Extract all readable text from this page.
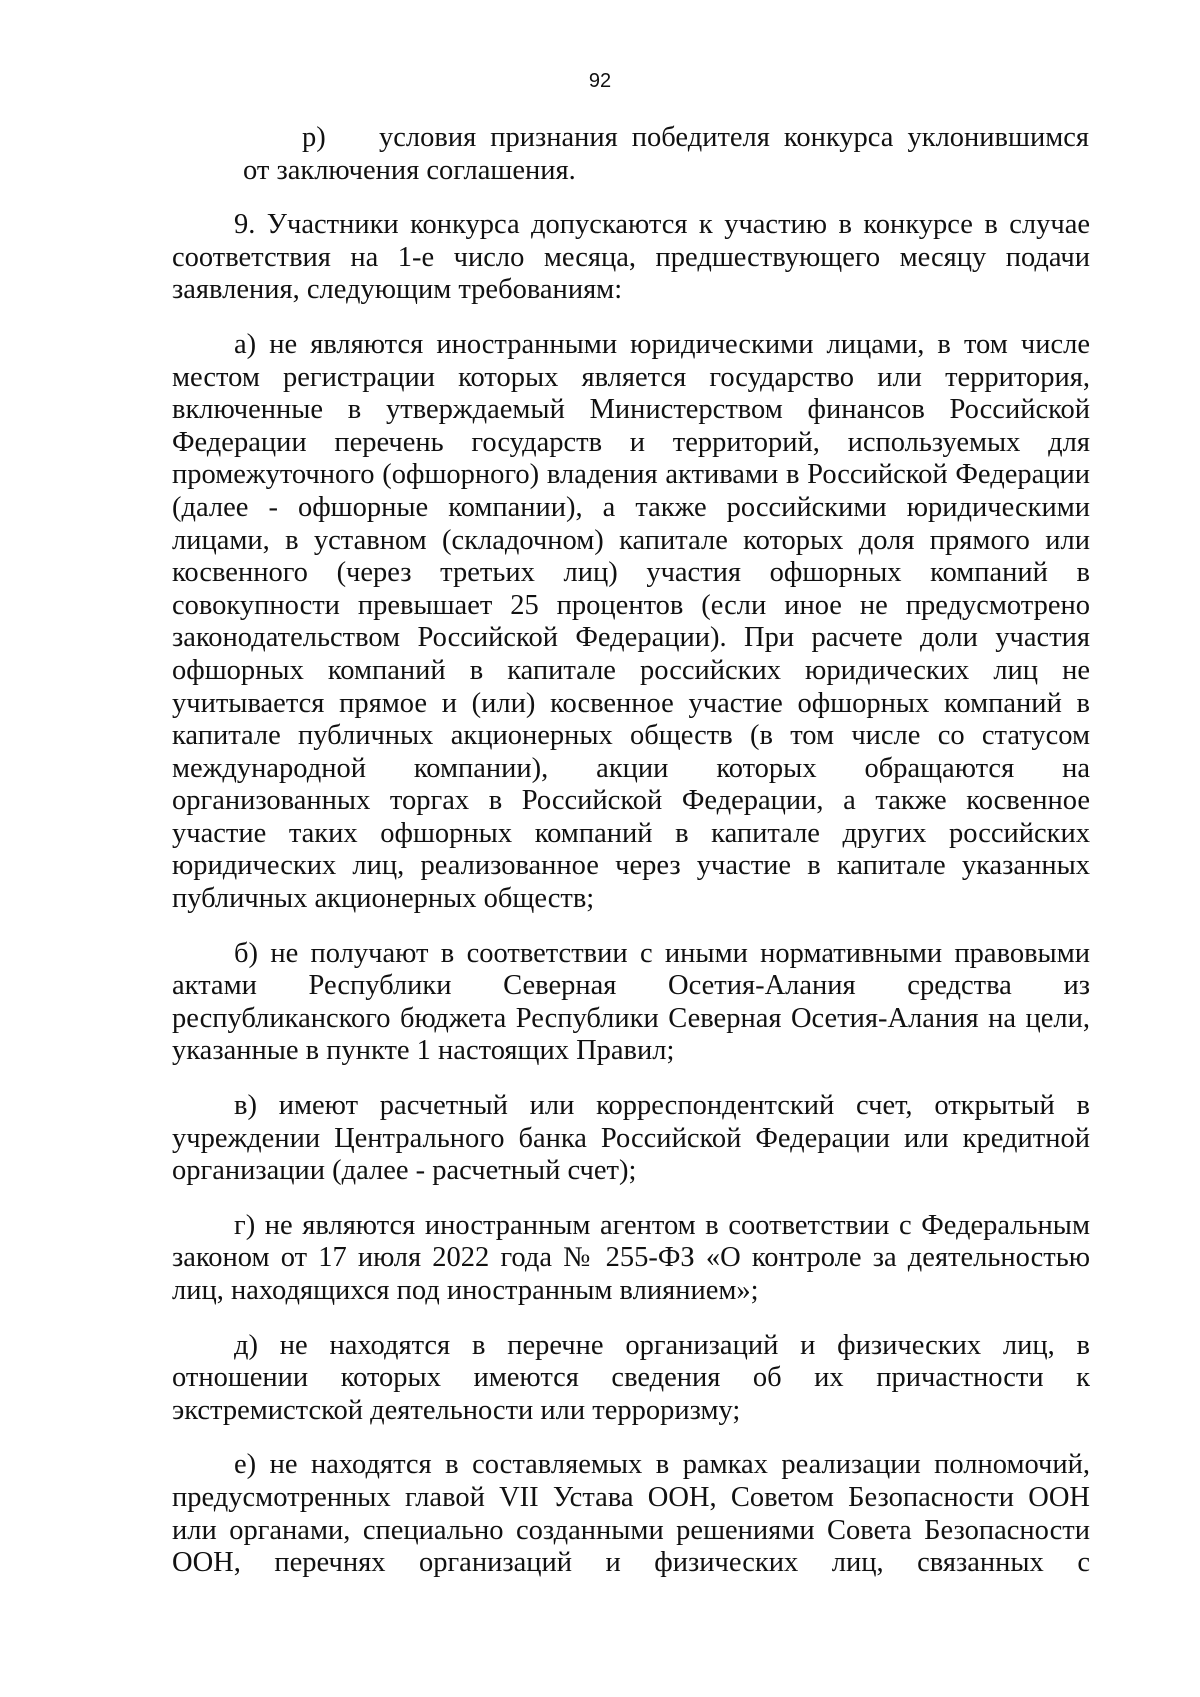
92
р)	условия признания победителя конкурса уклонившимся
от заключения соглашения.

9. Участники конкурса допускаются к участию в конкурсе в случае соответствия на 1-е число месяца, предшествующего месяцу подачи заявления, следующим требованиям:

а) не являются иностранными юридическими лицами, в том числе местом регистрации которых является государство или территория, включенные в утверждаемый Министерством финансов Российской Федерации перечень государств и территорий, используемых для промежуточного (офшорного) владения активами в Российской Федерации (далее - офшорные компании), а также российскими юридическими лицами, в уставном (складочном) капитале которых доля прямого или косвенного (через третьих лиц) участия офшорных компаний в совокупности превышает 25 процентов (если иное не предусмотрено законодательством Российской Федерации). При расчете доли участия офшорных компаний в капитале российских юридических лиц не учитывается прямое и (или) косвенное участие офшорных компаний в капитале публичных акционерных обществ (в том числе со статусом международной компании), акции которых обращаются на организованных торгах в Российской Федерации, а также косвенное участие таких офшорных компаний в капитале других российских юридических лиц, реализованное через участие в капитале указанных публичных акционерных обществ;

б) не получают в соответствии с иными нормативными правовыми актами Республики Северная Осетия-Алания средства из республиканского бюджета Республики Северная Осетия-Алания на цели, указанные в пункте 1 настоящих Правил;

в) имеют расчетный или корреспондентский счет, открытый в учреждении Центрального банка Российской Федерации или кредитной организации (далее - расчетный счет);

г) не являются иностранным агентом в соответствии с Федеральным законом от 17 июля 2022 года № 255-ФЗ «О контроле за деятельностью лиц, находящихся под иностранным влиянием»;

д) не находятся в перечне организаций и физических лиц, в отношении которых имеются сведения об их причастности к экстремистской деятельности или терроризму;

е) не находятся в составляемых в рамках реализации полномочий, предусмотренных главой VII Устава ООН, Советом Безопасности ООН или органами, специально созданными решениями Совета Безопасности ООН, перечнях организаций и физических лиц, связанных с
